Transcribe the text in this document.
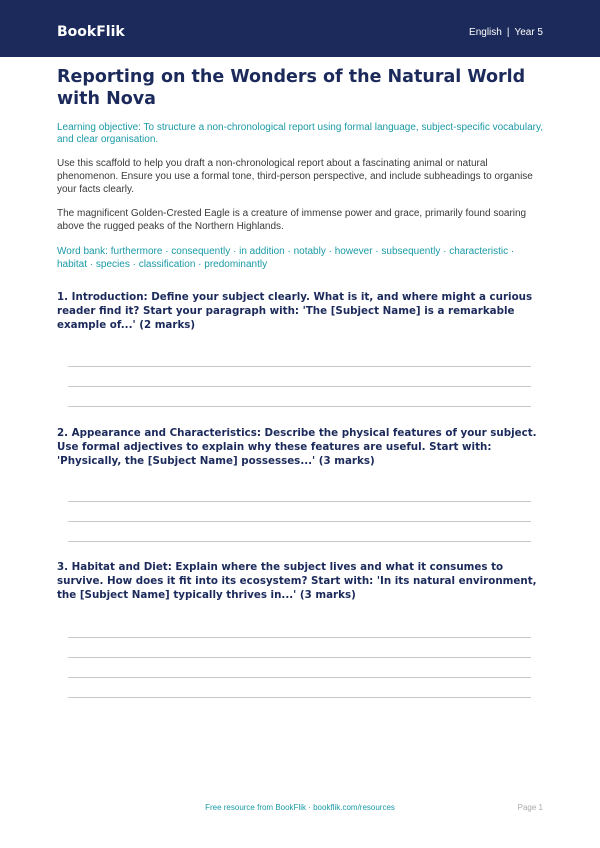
BookFlik	English | Year 5
Reporting on the Wonders of the Natural World with Nova
Learning objective: To structure a non-chronological report using formal language, subject-specific vocabulary, and clear organisation.
Use this scaffold to help you draft a non-chronological report about a fascinating animal or natural phenomenon. Ensure you use a formal tone, third-person perspective, and include subheadings to organise your facts clearly.
The magnificent Golden-Crested Eagle is a creature of immense power and grace, primarily found soaring above the rugged peaks of the Northern Highlands.
Word bank: furthermore · consequently · in addition · notably · however · subsequently · characteristic · habitat · species · classification · predominantly
1. Introduction: Define your subject clearly. What is it, and where might a curious reader find it? Start your paragraph with: 'The [Subject Name] is a remarkable example of...' (2 marks)
2. Appearance and Characteristics: Describe the physical features of your subject. Use formal adjectives to explain why these features are useful. Start with: 'Physically, the [Subject Name] possesses...' (3 marks)
3. Habitat and Diet: Explain where the subject lives and what it consumes to survive. How does it fit into its ecosystem? Start with: 'In its natural environment, the [Subject Name] typically thrives in...' (3 marks)
Free resource from BookFlik · bookflik.com/resources	Page 1
